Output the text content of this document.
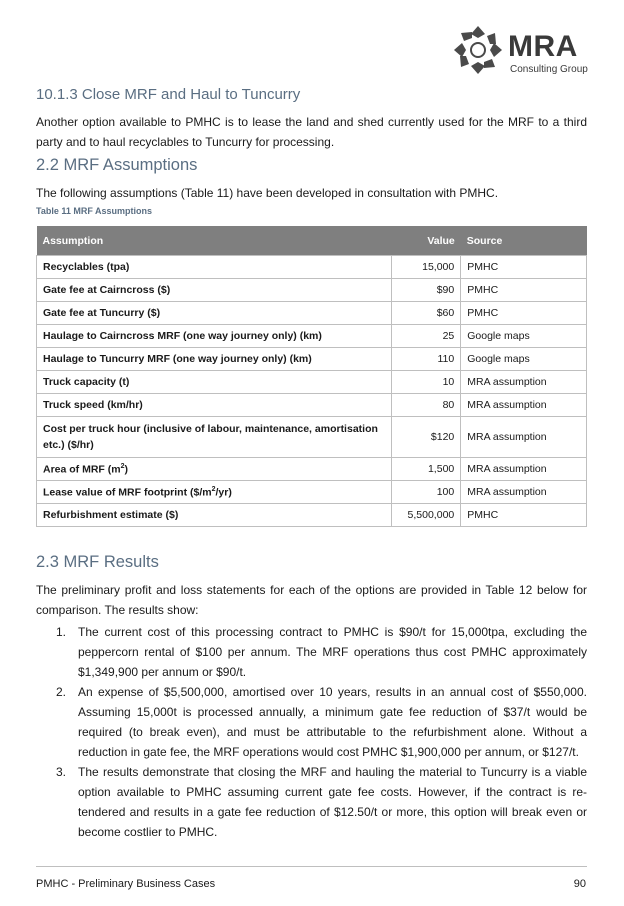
MRA
Consulting Group
10.1.3 Close MRF and Haul to Tuncurry

Another option available to PMHC is to lease the land and shed currently used for the MRF to a third party and to haul recyclables to Tuncurry for processing.

2.2 MRF Assumptions

The following assumptions (Table 11) have been developed in consultation with PMHC.

Table 11 MRF Assumptions
Assumption	Value	Source
Recyclables (tpa)	15,000	PMHC
Gate fee at Cairncross ($)	$90	PMHC
Gate fee at Tuncurry ($)	$60	PMHC
Haulage to Cairncross MRF (one way journey only) (km)	25	Google maps
Haulage to Tuncurry MRF (one way journey only) (km)	110	Google maps
Truck capacity (t)	10	MRA assumption
Truck speed (km/hr)	80	MRA assumption
Cost per truck hour (inclusive of labour, maintenance, amortisation etc.) ($/hr)	$120	MRA assumption
Area of MRF $(m^2)$	1,500	MRA assumption
Lease value of MRF footprint $(\$/m^2/yr)$	100	MRA assumption
Refurbishment estimate ($)	5,500,000	PMHC
2.3 MRF Results

The preliminary profit and loss statements for each of the options are provided in Table 12 below for comparison. The results show:

1. The current cost of this processing contract to PMHC is $90/t for 15,000tpa, excluding the peppercorn rental of $100 per annum. The MRF operations thus cost PMHC approximately $1,349,900 per annum or $90/t.
2. An expense of $5,500,000, amortised over 10 years, results in an annual cost of $550,000. Assuming 15,000t is processed annually, a minimum gate fee reduction of $37/t would be required (to break even), and must be attributable to the refurbishment alone. Without a reduction in gate fee, the MRF operations would cost PMHC $1,900,000 per annum, or $127/t.
3. The results demonstrate that closing the MRF and hauling the material to Tuncurry is a viable option available to PMHC assuming current gate fee costs. However, if the contract is re-tendered and results in a gate fee reduction of $12.50/t or more, this option will break even or become costlier to PMHC.
PMHC - Preliminary Business Cases	90
